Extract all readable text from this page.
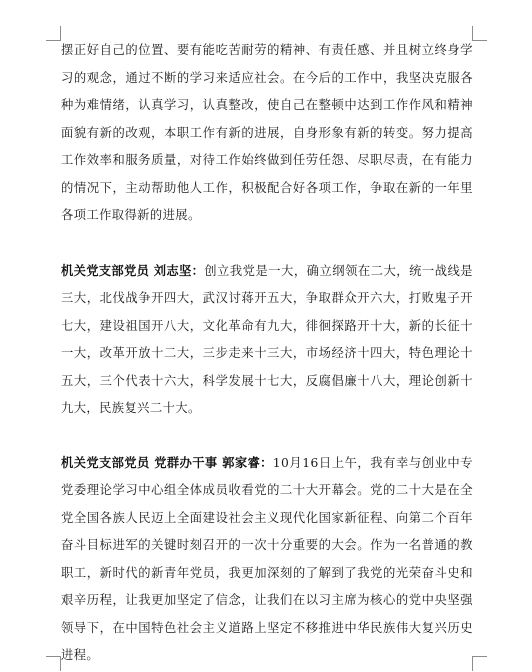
摆正好自己的位置、要有能吃苦耐劳的精神、有责任感、并且树立终身学习的观念，通过不断的学习来适应社会。在今后的工作中，我坚决克服各种为难情绪，认真学习，认真整改，使自己在整顿中达到工作作风和精神面貌有新的改观，本职工作有新的进展，自身形象有新的转变。努力提高工作效率和服务质量，对待工作始终做到任劳任怨、尽职尽责，在有能力的情况下，主动帮助他人工作，积极配合好各项工作，争取在新的一年里各项工作取得新的进展。

机关党支部党员 刘志坚：创立我党是一大，确立纲领在二大，统一战线是三大，北伐战争开四大，武汉讨蒋开五大，争取群众开六大，打败鬼子开七大，建设祖国开八大，文化革命有九大，徘徊探路开十大，新的长征十一大，改革开放十二大，三步走来十三大，市场经济十四大，特色理论十五大，三个代表十六大，科学发展十七大，反腐倡廉十八大，理论创新十九大，民族复兴二十大。

机关党支部党员 党群办干事 郭家睿：10月16日上午，我有幸与创业中专党委理论学习中心组全体成员收看党的二十大开幕会。党的二十大是在全党全国各族人民迈上全面建设社会主义现代化国家新征程、向第二个百年奋斗目标进军的关键时刻召开的一次十分重要的大会。作为一名普通的教职工，新时代的新青年党员，我更加深刻的了解到了我党的光荣奋斗史和艰辛历程，让我更加坚定了信念，让我们在以习主席为核心的党中央坚强领导下，在中国特色社会主义道路上坚定不移推进中华民族伟大复兴历史进程。
